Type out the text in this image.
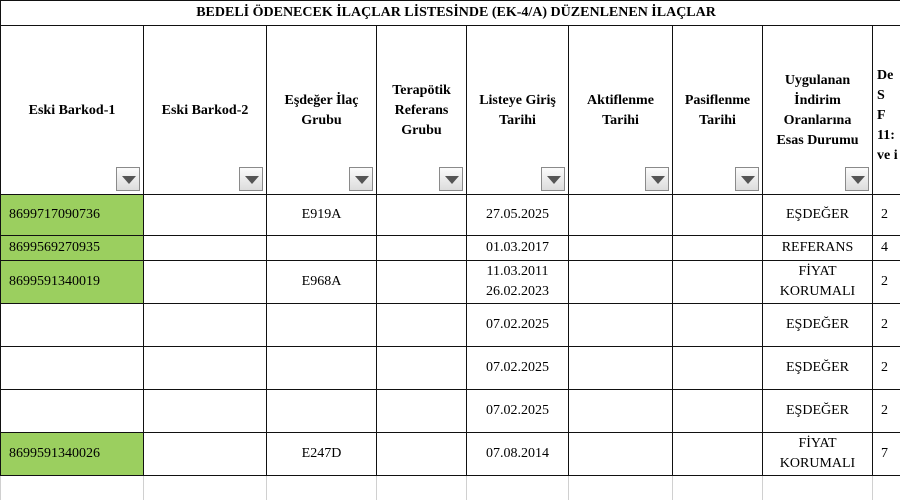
BEDELİ ÖDENECEK İLAÇLAR LİSTESİNDE (EK-4/A) DÜZENLENEN İLAÇLAR								

Eski Barkod-1	Eski Barkod-2	Eşdeğer İlaç
Grubu	Terapötik
Referans
Grubu	Listeye Giriş
Tarihi	Aktiflenme
Tarihi	Pasiflenme
Tarihi	Uygulanan
İndirim
Oranlarına
Esas Durumu	De
S
F
11:
ve i

8699717090736		E919A		27.05.2025			EŞDEĞER	2
8699569270935				01.03.2017			REFERANS	4
8699591340019		E968A		11.03.2011
26.02.2023			FİYAT
KORUMALI	2
				07.02.2025			EŞDEĞER	2
				07.02.2025			EŞDEĞER	2
				07.02.2025			EŞDEĞER	2
8699591340026		E247D		07.08.2014			FİYAT
KORUMALI	7
